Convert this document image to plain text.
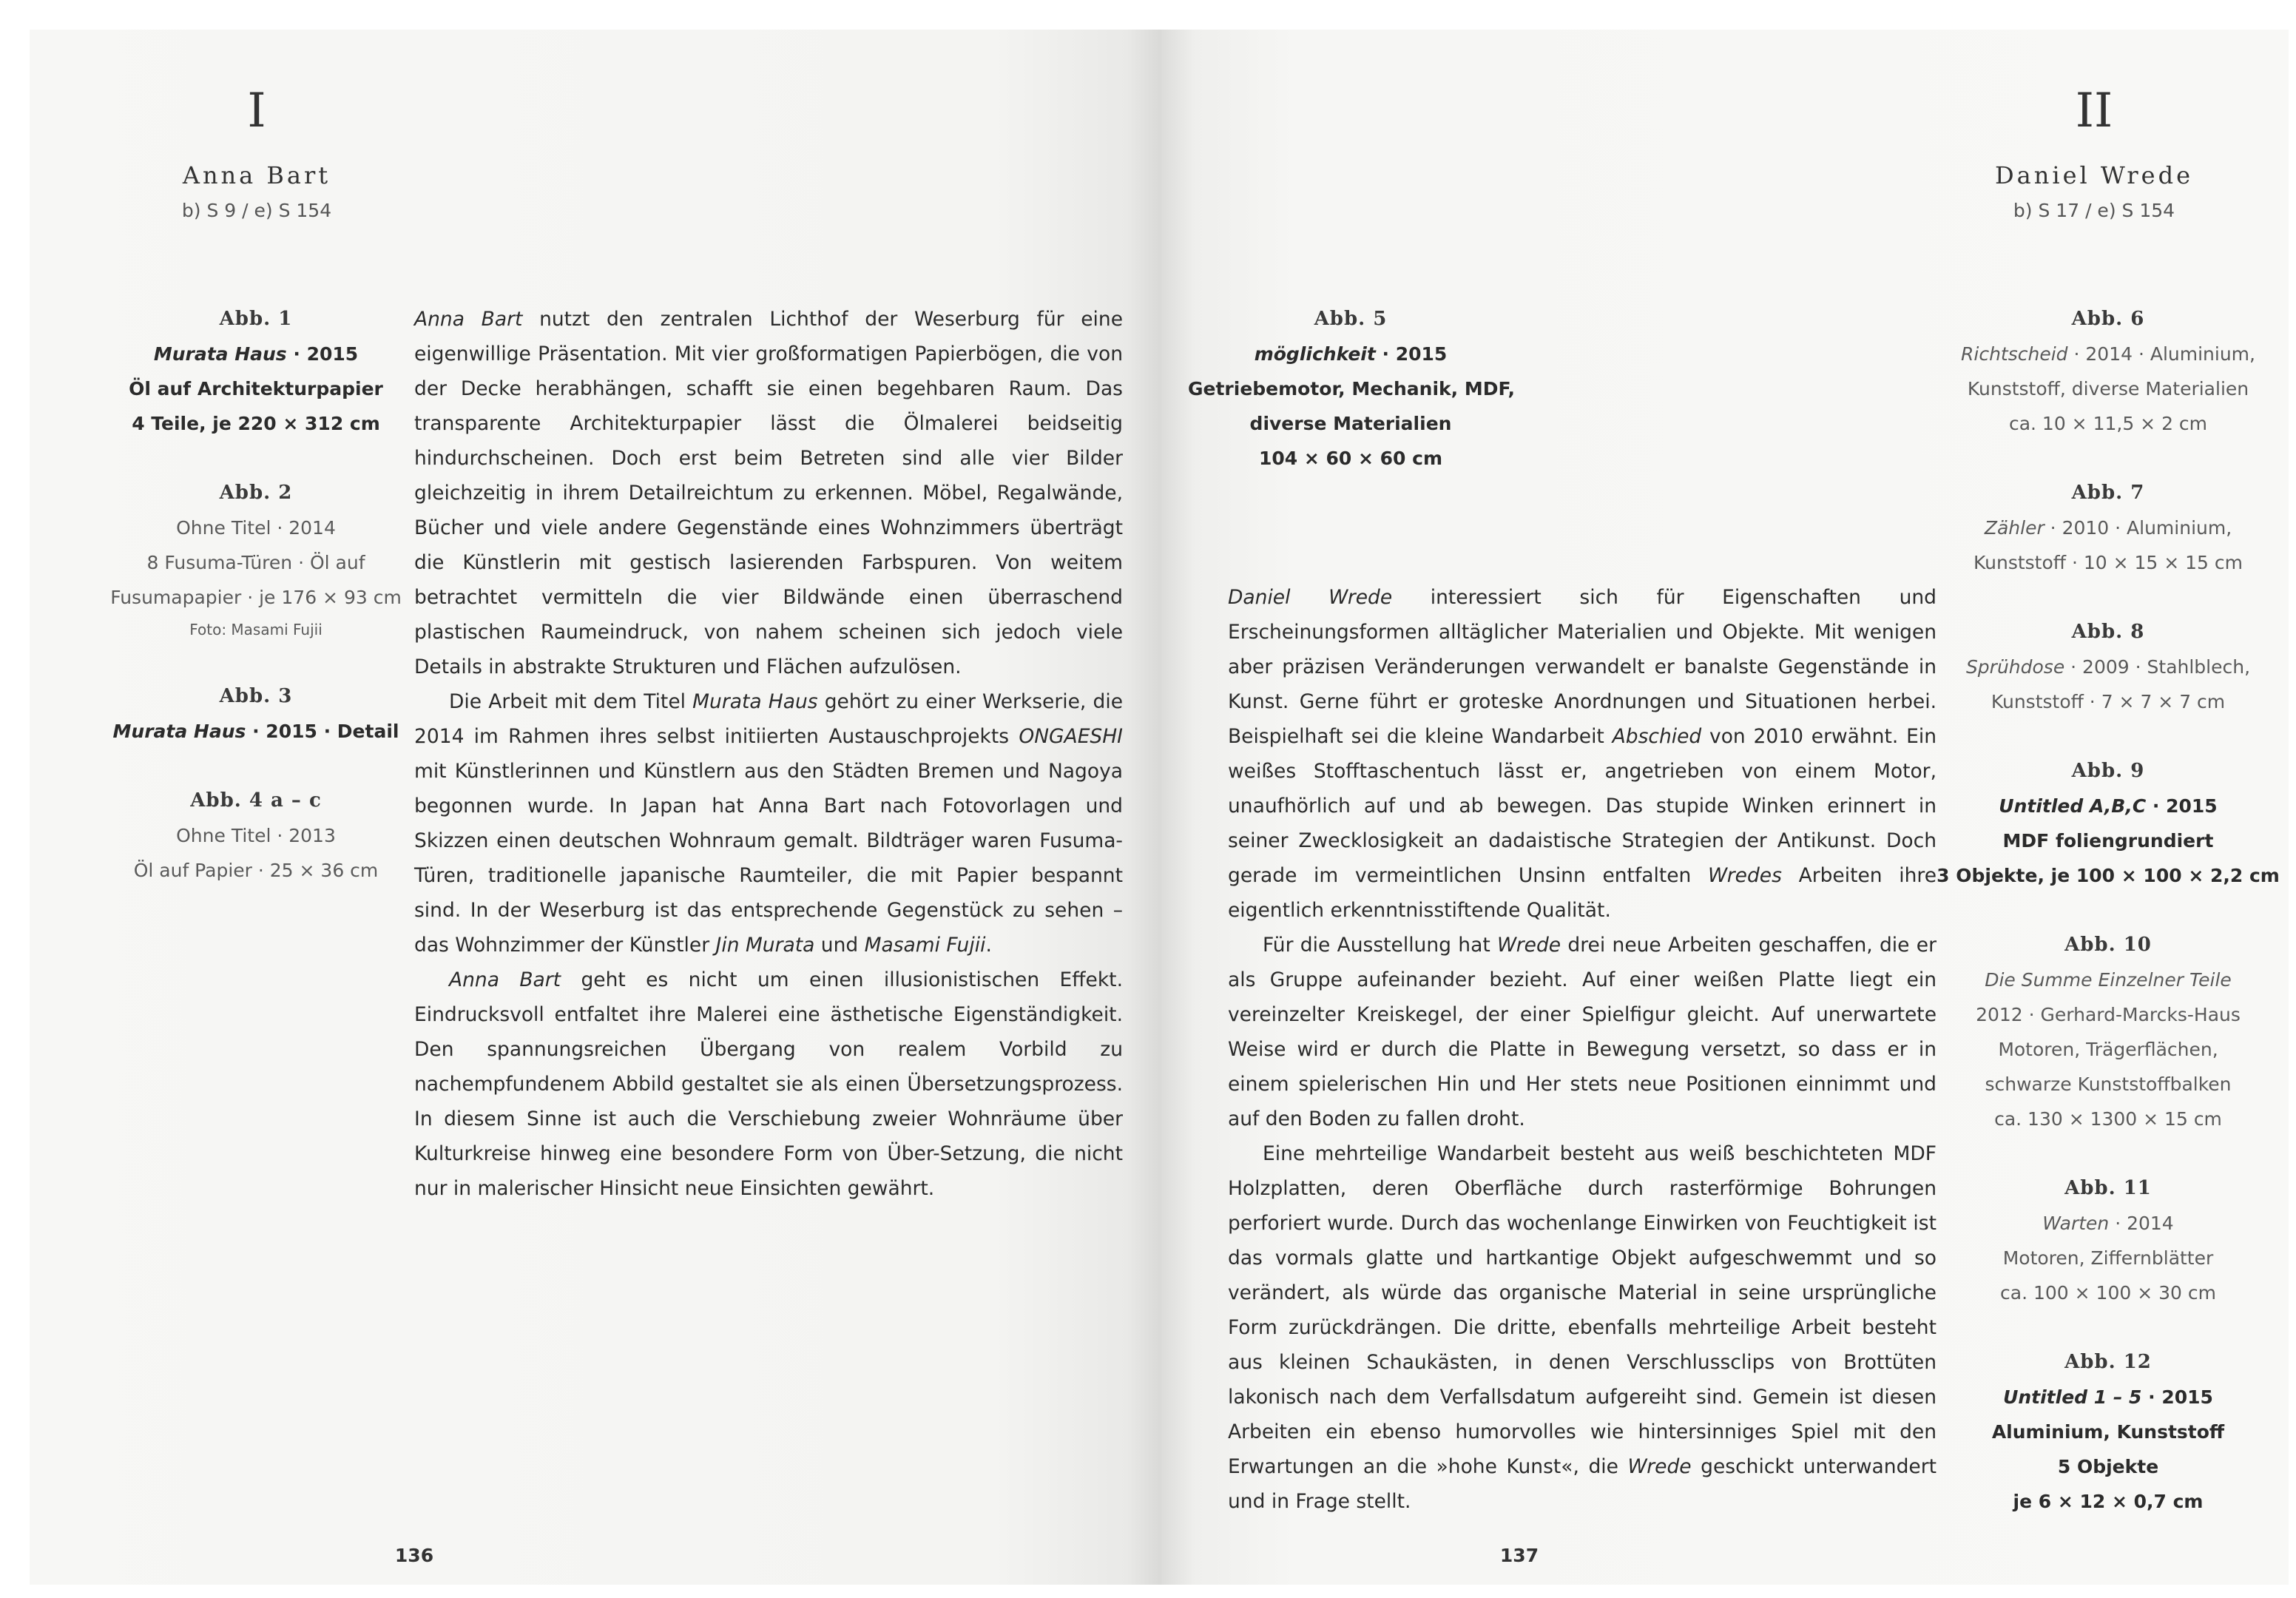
I
Anna Bart
b) S 9 / e) S 154
Abb. 1
Murata Haus · 2015
Öl auf Architekturpapier
4 Teile, je 220 × 312 cm
Abb. 2
Ohne Titel · 2014
8 Fusuma-Türen · Öl auf
Fusumapapier · je 176 × 93 cm
Foto: Masami Fujii
Abb. 3
Murata Haus · 2015 · Detail
Abb. 4 a – c
Ohne Titel · 2013
Öl auf Papier · 25 × 36 cm

Anna Bart nutzt den zentralen Lichthof der Weserburg für eine eigenwillige Präsentation. Mit vier großformatigen Papierbögen, die von der Decke herabhängen, schafft sie einen begehbaren Raum. Das transparente Architekturpapier lässt die Ölmalerei beidseitig hindurchscheinen. Doch erst beim Betreten sind alle vier Bilder gleichzeitig in ihrem Detailreichtum zu erkennen. Möbel, Regalwände, Bücher und viele andere Gegenstände eines Wohnzimmers überträgt die Künstlerin mit gestisch lasierenden Farbspuren. Von weitem betrachtet vermitteln die vier Bildwände einen überraschend plastischen Raumeindruck, von nahem scheinen sich jedoch viele Details in abstrakte Strukturen und Flächen aufzulösen.

Die Arbeit mit dem Titel Murata Haus gehört zu einer Werkserie, die 2014 im Rahmen ihres selbst initiierten Austauschprojekts ONGAESHI mit Künstlerinnen und Künstlern aus den Städten Bremen und Nagoya begonnen wurde. In Japan hat Anna Bart nach Fotovorlagen und Skizzen einen deutschen Wohnraum gemalt. Bildträger waren Fusuma-Türen, traditionelle japanische Raumteiler, die mit Papier bespannt sind. In der Weserburg ist das entsprechende Gegenstück zu sehen – das Wohnzimmer der Künstler Jin Murata und Masami Fujii.

Anna Bart geht es nicht um einen illusionistischen Effekt. Eindrucksvoll entfaltet ihre Malerei eine ästhetische Eigenständigkeit. Den spannungsreichen Übergang von realem Vorbild zu nachempfundenem Abbild gestaltet sie als einen Übersetzungsprozess. In diesem Sinne ist auch die Verschiebung zweier Wohnräume über Kulturkreise hinweg eine besondere Form von Über-Setzung, die nicht nur in malerischer Hinsicht neue Einsichten gewährt.

136
II
Daniel Wrede
b) S 17 / e) S 154
Abb. 5
möglichkeit · 2015
Getriebemotor, Mechanik, MDF,
diverse Materialien
104 × 60 × 60 cm
Abb. 6
Richtscheid · 2014 · Aluminium,
Kunststoff, diverse Materialien
ca. 10 × 11,5 × 2 cm
Abb. 7
Zähler · 2010 · Aluminium,
Kunststoff · 10 × 15 × 15 cm
Abb. 8
Sprühdose · 2009 · Stahlblech,
Kunststoff · 7 × 7 × 7 cm
Abb. 9
Untitled A,B,C · 2015
MDF foliengrundiert
3 Objekte, je 100 × 100 × 2,2 cm
Abb. 10
Die Summe Einzelner Teile
2012 · Gerhard-Marcks-Haus
Motoren, Trägerflächen,
schwarze Kunststoffbalken
ca. 130 × 1300 × 15 cm
Abb. 11
Warten · 2014
Motoren, Ziffernblätter
ca. 100 × 100 × 30 cm
Abb. 12
Untitled 1 – 5 · 2015
Aluminium, Kunststoff
5 Objekte
je 6 × 12 × 0,7 cm

Daniel Wrede interessiert sich für Eigenschaften und Erscheinungsformen alltäglicher Materialien und Objekte. Mit wenigen aber präzisen Veränderungen verwandelt er banalste Gegenstände in Kunst. Gerne führt er groteske Anordnungen und Situationen herbei. Beispielhaft sei die kleine Wandarbeit Abschied von 2010 erwähnt. Ein weißes Stofftaschentuch lässt er, angetrieben von einem Motor, unaufhörlich auf und ab bewegen. Das stupide Winken erinnert in seiner Zwecklosigkeit an dadaistische Strategien der Antikunst. Doch gerade im vermeintlichen Unsinn entfalten Wredes Arbeiten ihre eigentlich erkenntnisstiftende Qualität.

Für die Ausstellung hat Wrede drei neue Arbeiten geschaffen, die er als Gruppe aufeinander bezieht. Auf einer weißen Platte liegt ein vereinzelter Kreiskegel, der einer Spielfigur gleicht. Auf unerwartete Weise wird er durch die Platte in Bewegung versetzt, so dass er in einem spielerischen Hin und Her stets neue Positionen einnimmt und auf den Boden zu fallen droht.

Eine mehrteilige Wandarbeit besteht aus weiß beschichteten MDF Holzplatten, deren Oberfläche durch rasterförmige Bohrungen perforiert wurde. Durch das wochenlange Einwirken von Feuchtigkeit ist das vormals glatte und hartkantige Objekt aufgeschwemmt und so verändert, als würde das organische Material in seine ursprüngliche Form zurückdrängen. Die dritte, ebenfalls mehrteilige Arbeit besteht aus kleinen Schaukästen, in denen Verschlussclips von Brottüten lakonisch nach dem Verfallsdatum aufgereiht sind. Gemein ist diesen Arbeiten ein ebenso humorvolles wie hintersinniges Spiel mit den Erwartungen an die »hohe Kunst«, die Wrede geschickt unterwandert und in Frage stellt.

137
